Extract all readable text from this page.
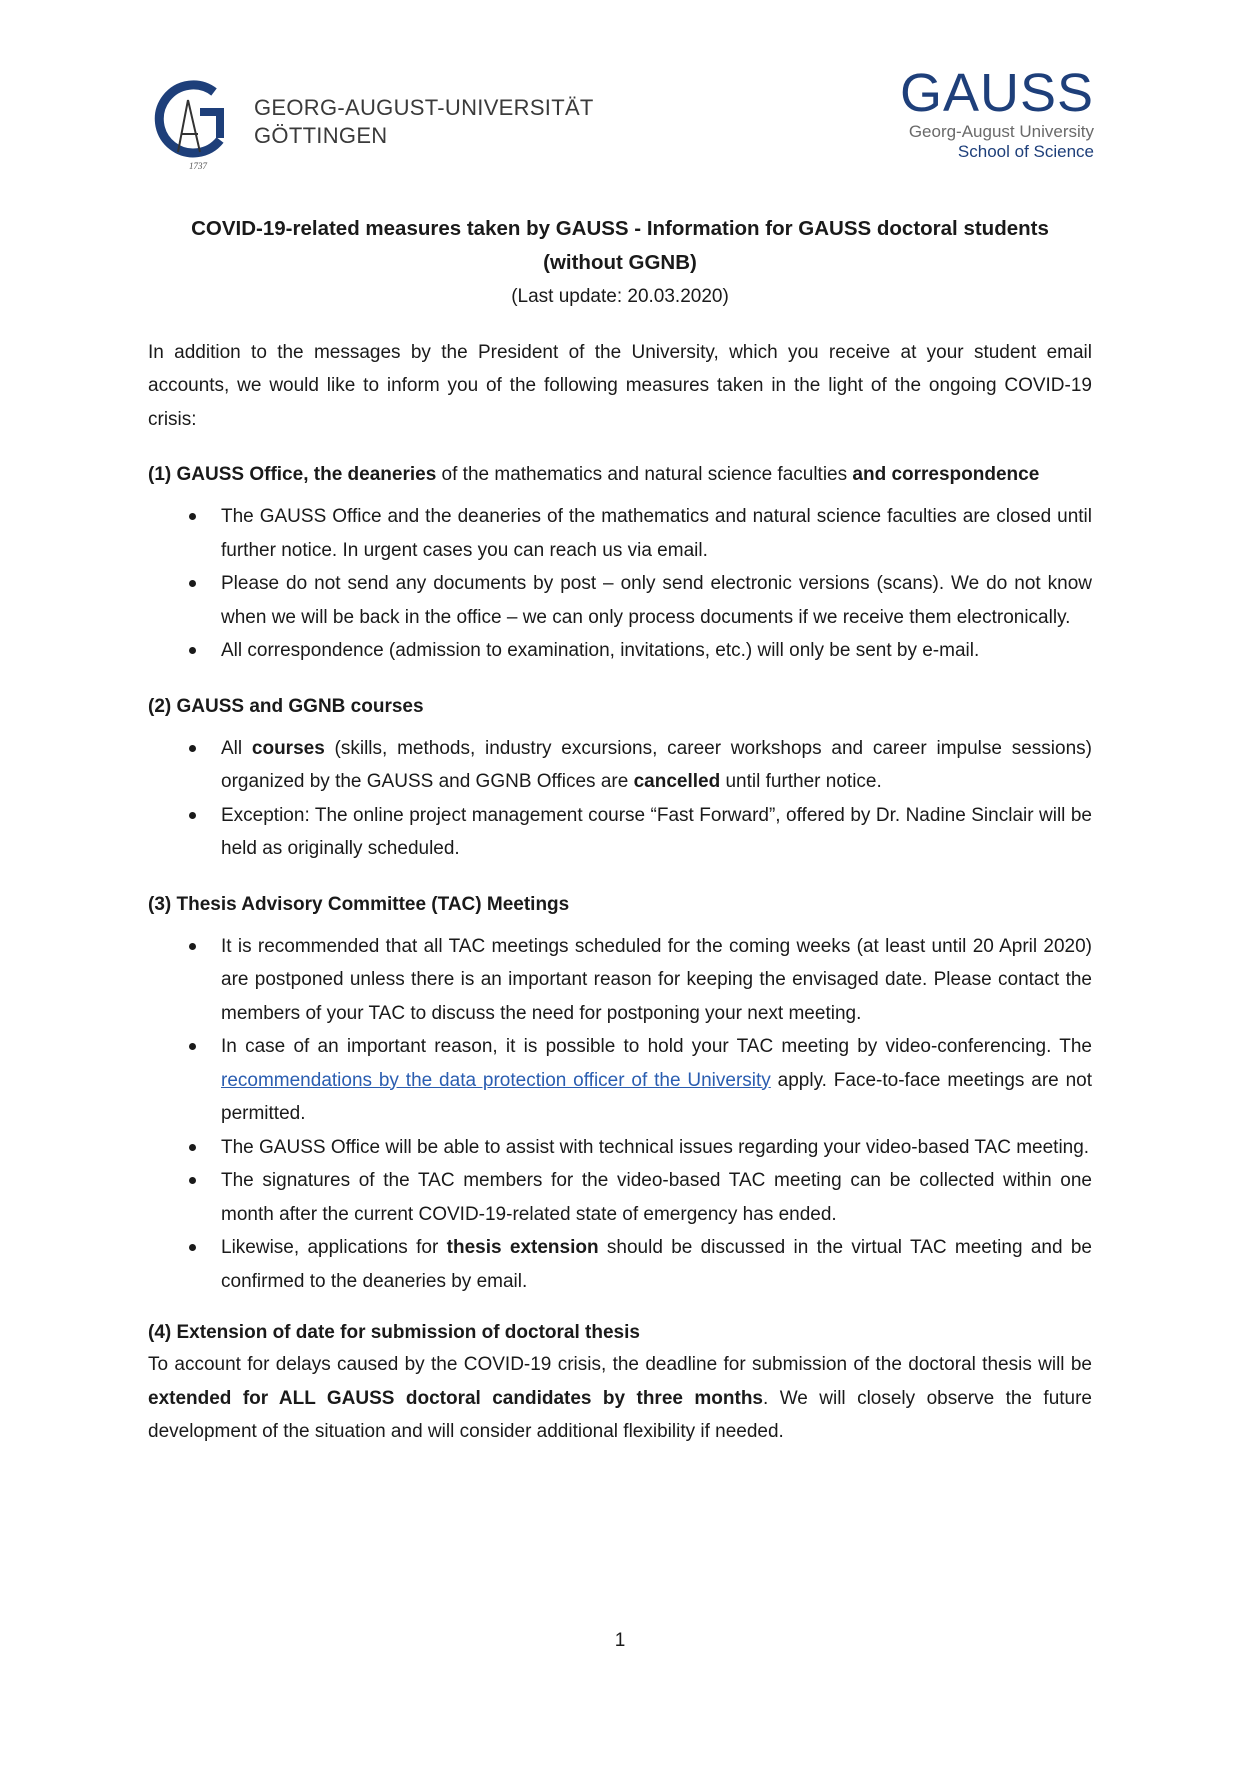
1737
GEORG-AUGUST-UNIVERSITÄT
GÖTTINGEN
GAUSS
Georg-August University
School of Science
COVID-19-related measures taken by GAUSS - Information for GAUSS doctoral students
(without GGNB)
(Last update: 20.03.2020)

In addition to the messages by the President of the University, which you receive at your student email accounts, we would like to inform you of the following measures taken in the light of the ongoing COVID-19 crisis:

(1) GAUSS Office, the deaneries of the mathematics and natural science faculties and correspondence
The GAUSS Office and the deaneries of the mathematics and natural science faculties are closed until further notice. In urgent cases you can reach us via email.
Please do not send any documents by post – only send electronic versions (scans). We do not know when we will be back in the office – we can only process documents if we receive them electronically.
All correspondence (admission to examination, invitations, etc.) will only be sent by e-mail.
(2) GAUSS and GGNB courses
All courses (skills, methods, industry excursions, career workshops and career impulse sessions) organized by the GAUSS and GGNB Offices are cancelled until further notice.
Exception: The online project management course “Fast Forward”, offered by Dr. Nadine Sinclair will be held as originally scheduled.
(3) Thesis Advisory Committee (TAC) Meetings
It is recommended that all TAC meetings scheduled for the coming weeks (at least until 20 April 2020) are postponed unless there is an important reason for keeping the envisaged date. Please contact the members of your TAC to discuss the need for postponing your next meeting.
In case of an important reason, it is possible to hold your TAC meeting by video-conferencing. The recommendations by the data protection officer of the University apply. Face-to-face meetings are not permitted.
The GAUSS Office will be able to assist with technical issues regarding your video-based TAC meeting.
The signatures of the TAC members for the video-based TAC meeting can be collected within one month after the current COVID-19-related state of emergency has ended.
Likewise, applications for thesis extension should be discussed in the virtual TAC meeting and be confirmed to the deaneries by email.
(4) Extension of date for submission of doctoral thesis

To account for delays caused by the COVID-19 crisis, the deadline for submission of the doctoral thesis will be extended for ALL GAUSS doctoral candidates by three months. We will closely observe the future development of the situation and will consider additional flexibility if needed.

1
